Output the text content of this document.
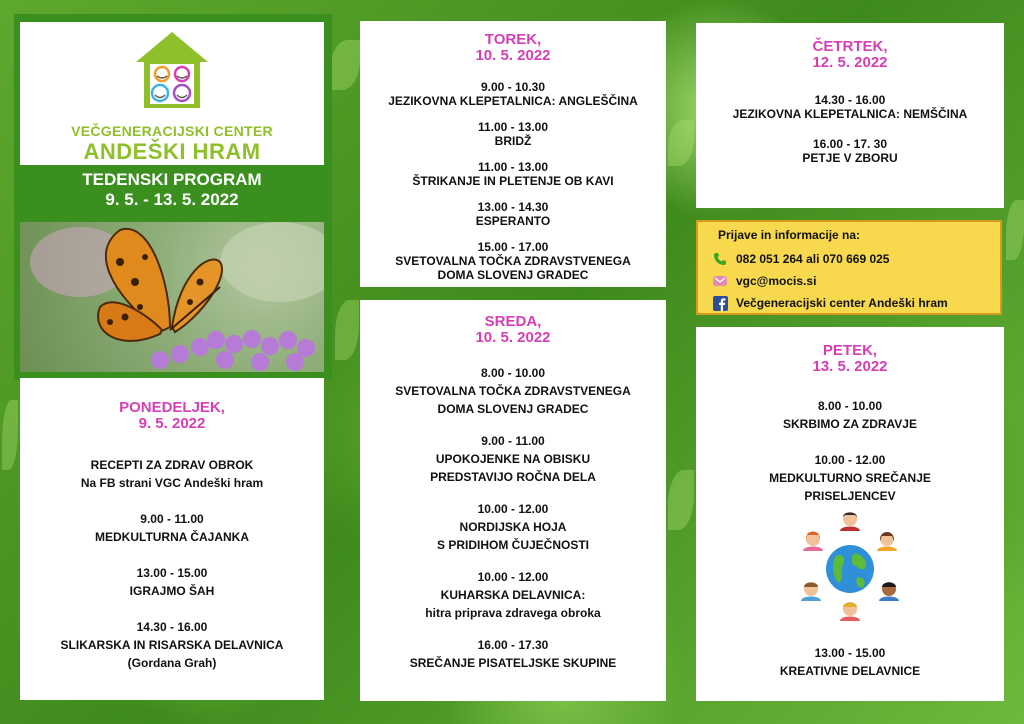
VEČGENERACIJSKI CENTER
ANDEŠKI HRAM
TEDENSKI PROGRAM
9. 5. - 13. 5. 2022
PONEDELJEK,
9. 5. 2022
RECEPTI ZA ZDRAV OBROK
Na FB strani VGC Andeški hram
9.00 - 11.00
MEDKULTURNA ČAJANKA
13.00 - 15.00
IGRAJMO ŠAH
14.30 - 16.00
SLIKARSKA IN RISARSKA DELAVNICA
(Gordana Grah)
TOREK,
10. 5. 2022
9.00 - 10.30
JEZIKOVNA KLEPETALNICA: ANGLEŠČINA
11.00 - 13.00
BRIDŽ
11.00 - 13.00
ŠTRIKANJE IN PLETENJE OB KAVI
13.00 - 14.30
ESPERANTO
15.00 - 17.00
SVETOVALNA TOČKA ZDRAVSTVENEGA
DOMA SLOVENJ GRADEC
SREDA,
10. 5. 2022
8.00 - 10.00
SVETOVALNA TOČKA ZDRAVSTVENEGA
DOMA SLOVENJ GRADEC
9.00 - 11.00
UPOKOJENKE NA OBISKU
PREDSTAVIJO ROČNA DELA
10.00 - 12.00
NORDIJSKA HOJA
S PRIDIHOM ČUJEČNOSTI
10.00 - 12.00
KUHARSKA DELAVNICA:
hitra priprava zdravega obroka
16.00 - 17.30
SREČANJE PISATELJSKE SKUPINE
ČETRTEK,
12. 5. 2022
14.30 - 16.00
JEZIKOVNA KLEPETALNICA: NEMŠČINA
16.00 - 17. 30
PETJE V ZBORU
Prijave in informacije na:
082 051 264 ali 070 669 025
vgc@mocis.si
Večgeneracijski center Andeški hram
PETEK,
13. 5. 2022
8.00 - 10.00
SKRBIMO ZA ZDRAVJE
10.00 - 12.00
MEDKULTURNO SREČANJE
PRISELJENCEV
13.00 - 15.00
KREATIVNE DELAVNICE
